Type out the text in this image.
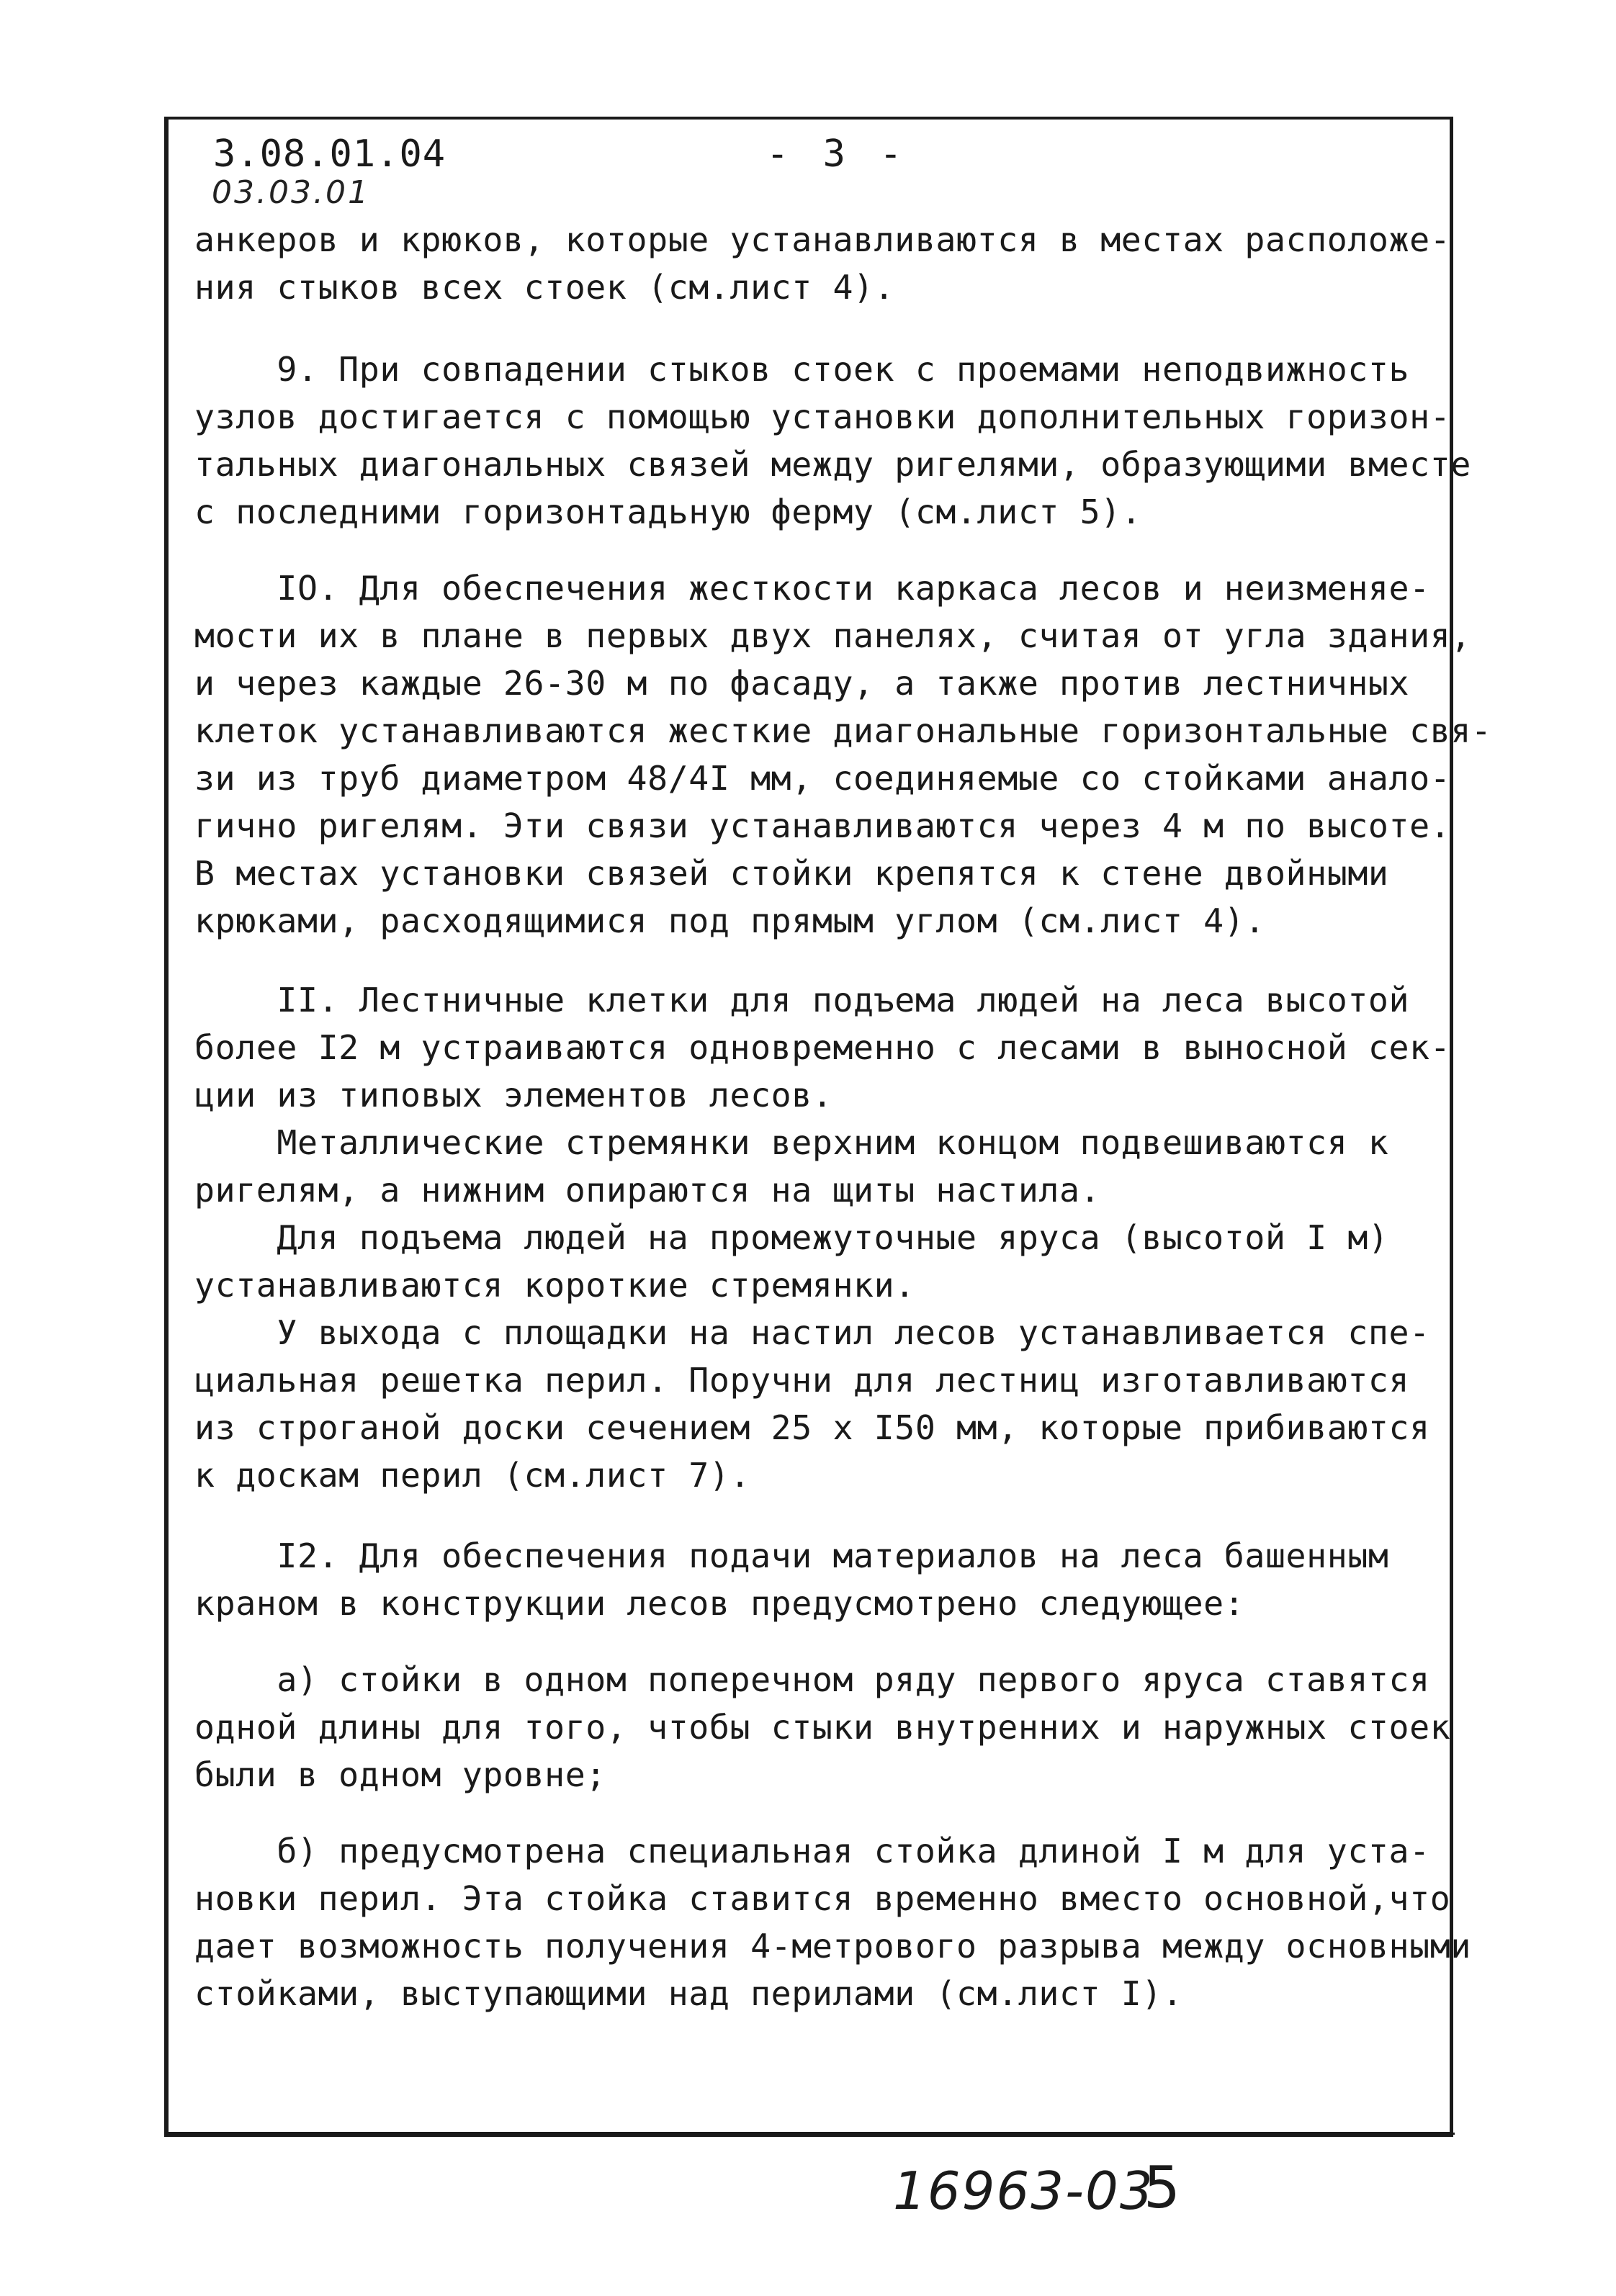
3.08.01.04	- 3 -
03.03.01
анкеров и крюков, которые устанавливаются в местах расположе-
ния стыков всех стоек (см.лист 4).
9. При совпадении стыков стоек с проемами неподвижность
узлов достигается с помощью установки дополнительных горизон-
тальных диагональных связей между ригелями, образующими вместе
с последними горизонтадьную ферму (см.лист 5).
IO. Для обеспечения жесткости каркаса лесов и неизменяе-
мости их в плане в первых двух панелях, считая от угла здания,
и через каждые 26-30 м по фасаду, а также против лестничных
клеток устанавливаются жесткие диагональные горизонтальные свя-
зи из труб диаметром 48/4I мм, соединяемые со стойками анало-
гично ригелям. Эти связи устанавливаются через 4 м по высоте.
В местах установки связей стойки крепятся к стене двойными
крюками, расходящимися под прямым углом (см.лист 4).
II. Лестничные клетки для подъема людей на леса высотой
более I2 м устраиваются одновременно с лесами в выносной сек-
ции из типовых элементов лесов.
Металлические стремянки верхним концом подвешиваются к
ригелям, а нижним опираются на щиты настила.
Для подъема людей на промежуточные яруса (высотой I м)
устанавливаются короткие стремянки.
У выхода с площадки на настил лесов устанавливается спе-
циальная решетка перил. Поручни для лестниц изготавливаются
из строганой доски сечением 25 х I50 мм, которые прибиваются
к доскам перил (см.лист 7).
I2. Для обеспечения подачи материалов на леса башенным
краном в конструкции лесов предусмотрено следующее:
а) стойки в одном поперечном ряду первого яруса ставятся
одной длины для того, чтобы стыки внутренних и наружных стоек
были в одном уровне;
б) предусмотрена специальная стойка длиной I м для уста-
новки перил. Эта стойка ставится временно вместо основной,что
дает возможность получения 4-метрового разрыва между основными
стойками, выступающими над перилами (см.лист I).
16963-03
5
